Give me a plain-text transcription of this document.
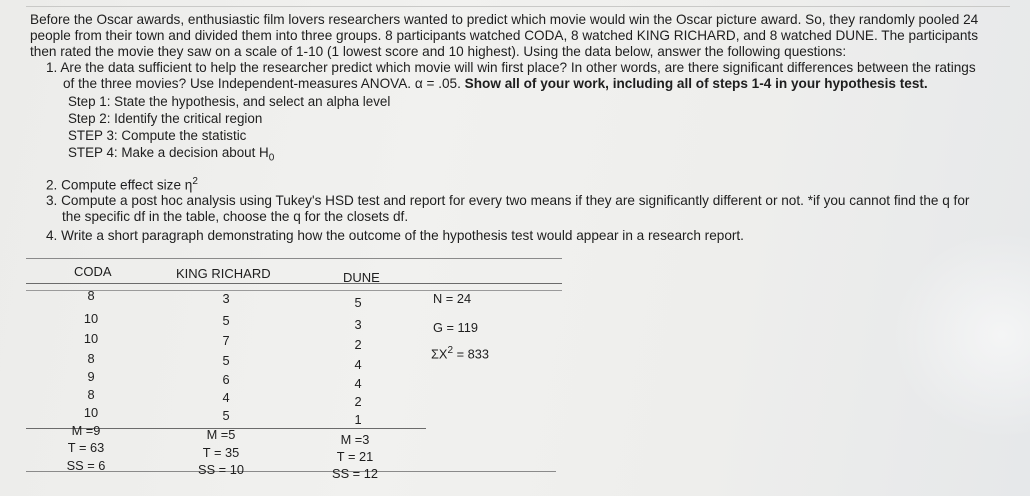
Before the Oscar awards, enthusiastic film lovers researchers wanted to predict which movie would win the Oscar picture award. So, they randomly pooled 24
people from their town and divided them into three groups. 8 participants watched CODA, 8 watched KING RICHARD, and 8 watched DUNE. The participants
then rated the movie they saw on a scale of 1-10 (1 lowest score and 10 highest). Using the data below, answer the following questions:
1. Are the data sufficient to help the researcher predict which movie will win first place? In other words, are there significant differences between the ratings
of the three movies? Use Independent-measures ANOVA. α = .05. Show all of your work, including all of steps 1-4 in your hypothesis test.
Step 1: State the hypothesis, and select an alpha level
Step 2: Identify the critical region
STEP 3: Compute the statistic
STEP 4: Make a decision about $H_0$
2. Compute effect size $\eta^2$
3. Compute a post hoc analysis using Tukey's HSD test and report for every two means if they are significantly different or not. *if you cannot find the q for
the specific df in the table, choose the q for the closets df.
4. Write a short paragraph demonstrating how the outcome of the hypothesis test would appear in a research report.
CODA	KING RICHARD	DUNE
8
10
10
8
9
8
10
3
5
7
5
6
4
5
5
3
2
4
4
2
1
M =9
T = 63
SS = 6
M =5
T = 35
SS = 10
M =3
T = 21
SS = 12
N = 24
G = 119
$\Sigma X^2 = 833$
